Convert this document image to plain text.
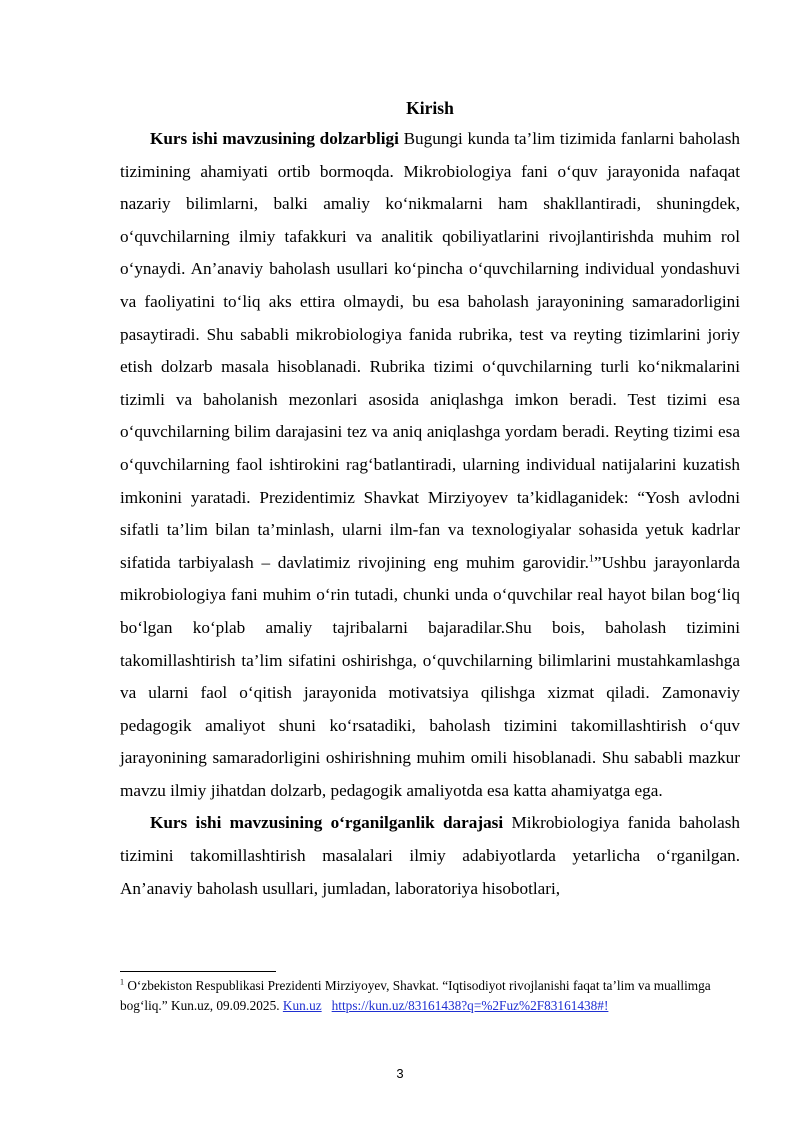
Kirish

Kurs ishi mavzusining dolzarbligi Bugungi kunda ta’lim tizimida fanlarni baholash tizimining ahamiyati ortib bormoqda. Mikrobiologiya fani o‘quv jarayonida nafaqat nazariy bilimlarni, balki amaliy ko‘nikmalarni ham shakllantiradi, shuningdek, o‘quvchilarning ilmiy tafakkuri va analitik qobiliyatlarini rivojlantirishda muhim rol o‘ynaydi. An’anaviy baholash usullari ko‘pincha o‘quvchilarning individual yondashuvi va faoliyatini to‘liq aks ettira olmaydi, bu esa baholash jarayonining samaradorligini pasaytiradi. Shu sababli mikrobiologiya fanida rubrika, test va reyting tizimlarini joriy etish dolzarb masala hisoblanadi. Rubrika tizimi o‘quvchilarning turli ko‘nikmalarini tizimli va baholanish mezonlari asosida aniqlashga imkon beradi. Test tizimi esa o‘quvchilarning bilim darajasini tez va aniq aniqlashga yordam beradi. Reyting tizimi esa o‘quvchilarning faol ishtirokini rag‘batlantiradi, ularning individual natijalarini kuzatish imkonini yaratadi. Prezidentimiz Shavkat Mirziyoyev ta’kidlaganidek: “Yosh avlodni sifatli ta’lim bilan ta’minlash, ularni ilm-fan va texnologiyalar sohasida yetuk kadrlar sifatida tarbiyalash – davlatimiz rivojining eng muhim garovidir.$^1$”Ushbu jarayonlarda mikrobiologiya fani muhim o‘rin tutadi, chunki unda o‘quvchilar real hayot bilan bog‘liq bo‘lgan ko‘plab amaliy tajribalarni bajaradilar.Shu bois, baholash tizimini takomillashtirish ta’lim sifatini oshirishga, o‘quvchilarning bilimlarini mustahkamlashga va ularni faol o‘qitish jarayonida motivatsiya qilishga xizmat qiladi. Zamonaviy pedagogik amaliyot shuni ko‘rsatadiki, baholash tizimini takomillashtirish o‘quv jarayonining samaradorligini oshirishning muhim omili hisoblanadi. Shu sababli mazkur mavzu ilmiy jihatdan dolzarb, pedagogik amaliyotda esa katta ahamiyatga ega.

Kurs ishi mavzusining o‘rganilganlik darajasi Mikrobiologiya fanida baholash tizimini takomillashtirish masalalari ilmiy adabiyotlarda yetarlicha o‘rganilgan. An’anaviy baholash usullari, jumladan, laboratoriya hisobotlari,

$^1$ O‘zbekiston Respublikasi Prezidenti Mirziyoyev, Shavkat. “Iqtisodiyot rivojlanishi faqat ta’lim va muallimga bog‘liq.” Kun.uz, 09.09.2025. Kun.uz https://kun.uz/83161438?q=%2Fuz%2F83161438#!
3
